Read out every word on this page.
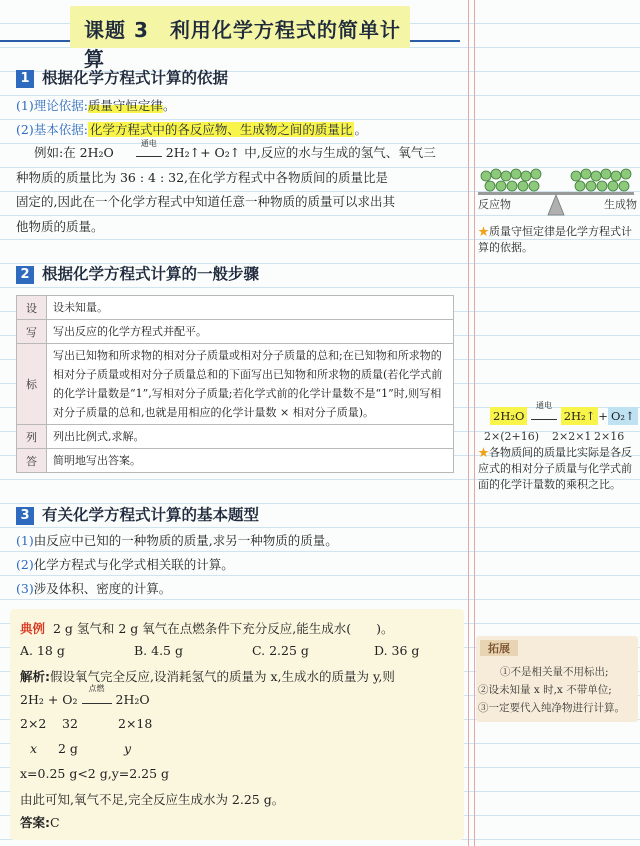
课题 3　利用化学方程式的简单计算
1 根据化学方程式计算的依据
(1)理论依据:质量守恒定律。
(2)基本依据: 化学方程式中的各反应物、生成物之间的质量比 。
例如:在 2H₂O
通电
2H₂↑+ O₂↑ 中,反应的水与生成的氢气、氧气三
种物质的质量比为 36 : 4 : 32,在化学方程式中各物质间的质量比是
固定的,因此在一个化学方程式中知道任意一种物质的质量可以求出其
他物质的质量。
反应物	生成物
★质量守恒定律是化学方程式计算的依据。
2 根据化学方程式计算的一般步骤
设	设未知量。
写	写出反应的化学方程式并配平。
标	写出已知物和所求物的相对分子质量或相对分子质量的总和;在已知物和所求物的相对分子质量或相对分子质量总和的下面写出已知物和所求物的质量(若化学式前的化学计量数是“1”,写相对分子质量;若化学式前的化学计量数不是“1”时,则写相对分子质量的总和,也就是用相应的化学计量数 × 相对分子质量)。
列	列出比例式,求解。
答	简明地写出答案。
2H₂O
通电
2H₂↑ + O₂↑
2×(2+16) 2×2×1 2×16
★各物质间的质量比实际是各反应式的相对分子质量与化学式前面的化学计量数的乘积之比。
3 有关化学方程式计算的基本题型
(1)由反应中已知的一种物质的质量,求另一种物质的质量。
(2)化学方程式与化学式相关联的计算。
(3)涉及体积、密度的计算。
典例 2 g 氢气和 2 g 氧气在点燃条件下充分反应,能生成水(　　)。
A. 18 g	B. 4.5 g	C. 2.25 g	D. 36 g
解析:假设氧气完全反应,设消耗氢气的质量为 x,生成水的质量为 y,则
2H₂ + O₂
点燃
2H₂O
2×2 32	2×18
x 2 g	y
x=0.25 g<2 g,y=2.25 g
由此可知,氧气不足,完全反应生成水为 2.25 g。
答案:C
拓展
①不是相关量不用标出;
②设未知量 x 时,x 不带单位;
③一定要代入纯净物进行计算。
